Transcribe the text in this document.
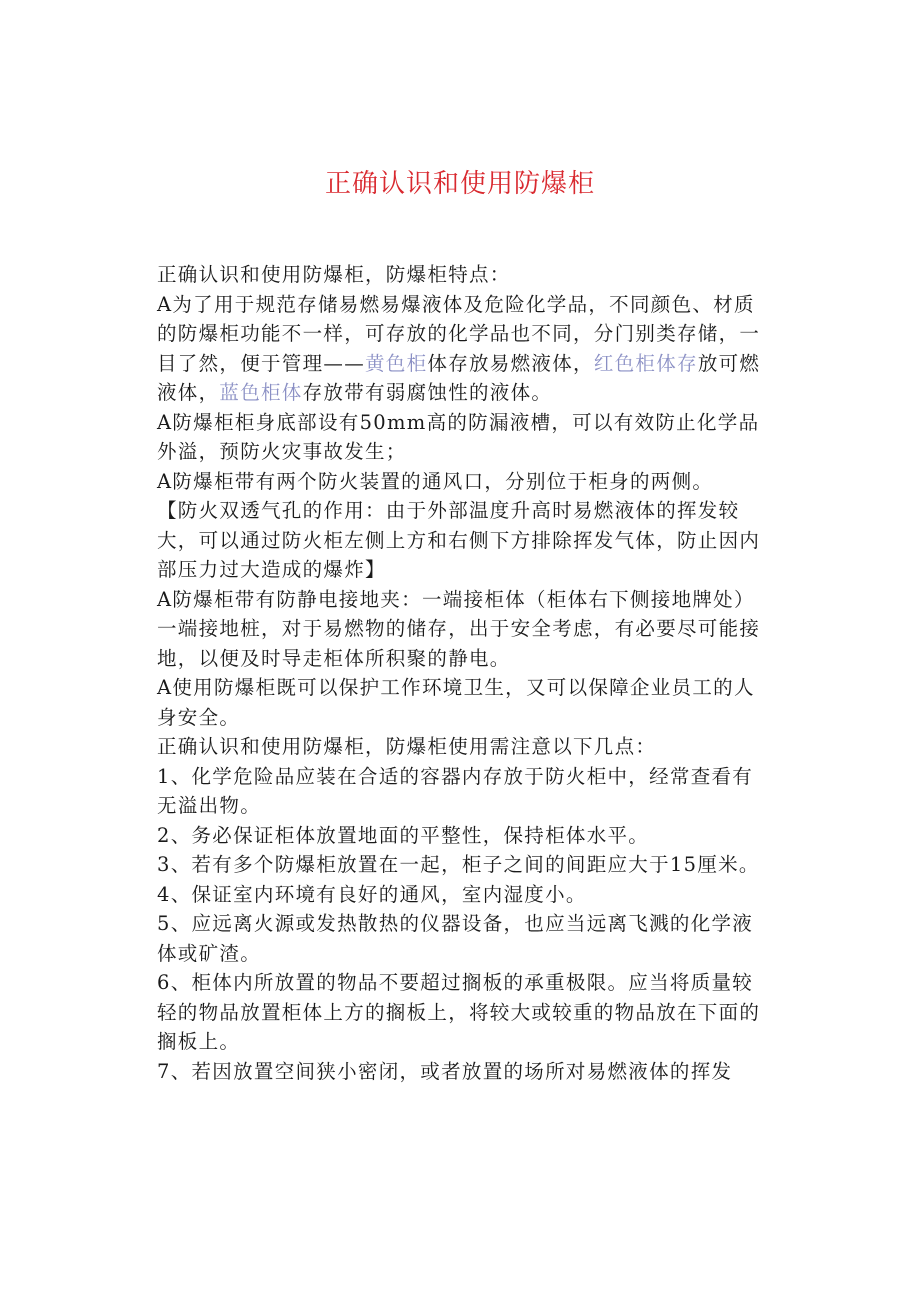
正确认识和使用防爆柜

正确认识和使用防爆柜，防爆柜特点：

A为了用于规范存储易燃易爆液体及危险化学品，不同颜色、材质的防爆柜功能不一样，可存放的化学品也不同，分门别类存储，一目了然，便于管理——黄色柜体存放易燃液体，红色柜体存放可燃液体，蓝色柜体存放带有弱腐蚀性的液体。

A防爆柜柜身底部设有50mm高的防漏液槽，可以有效防止化学品外溢，预防火灾事故发生；

A防爆柜带有两个防火装置的通风口，分别位于柜身的两侧。

【防火双透气孔的作用：由于外部温度升高时易燃液体的挥发较大，可以通过防火柜左侧上方和右侧下方排除挥发气体，防止因内部压力过大造成的爆炸】

A防爆柜带有防静电接地夹：一端接柜体（柜体右下侧接地牌处）一端接地桩，对于易燃物的储存，出于安全考虑，有必要尽可能接地，以便及时导走柜体所积聚的静电。

A使用防爆柜既可以保护工作环境卫生，又可以保障企业员工的人身安全。

正确认识和使用防爆柜，防爆柜使用需注意以下几点：

1、化学危险品应装在合适的容器内存放于防火柜中，经常查看有无溢出物。

2、务必保证柜体放置地面的平整性，保持柜体水平。

3、若有多个防爆柜放置在一起，柜子之间的间距应大于15厘米。

4、保证室内环境有良好的通风，室内湿度小。

5、应远离火源或发热散热的仪器设备，也应当远离飞溅的化学液体或矿渣。

6、柜体内所放置的物品不要超过搁板的承重极限。应当将质量较轻的物品放置柜体上方的搁板上，将较大或较重的物品放在下面的搁板上。

7、若因放置空间狭小密闭，或者放置的场所对易燃液体的挥发
